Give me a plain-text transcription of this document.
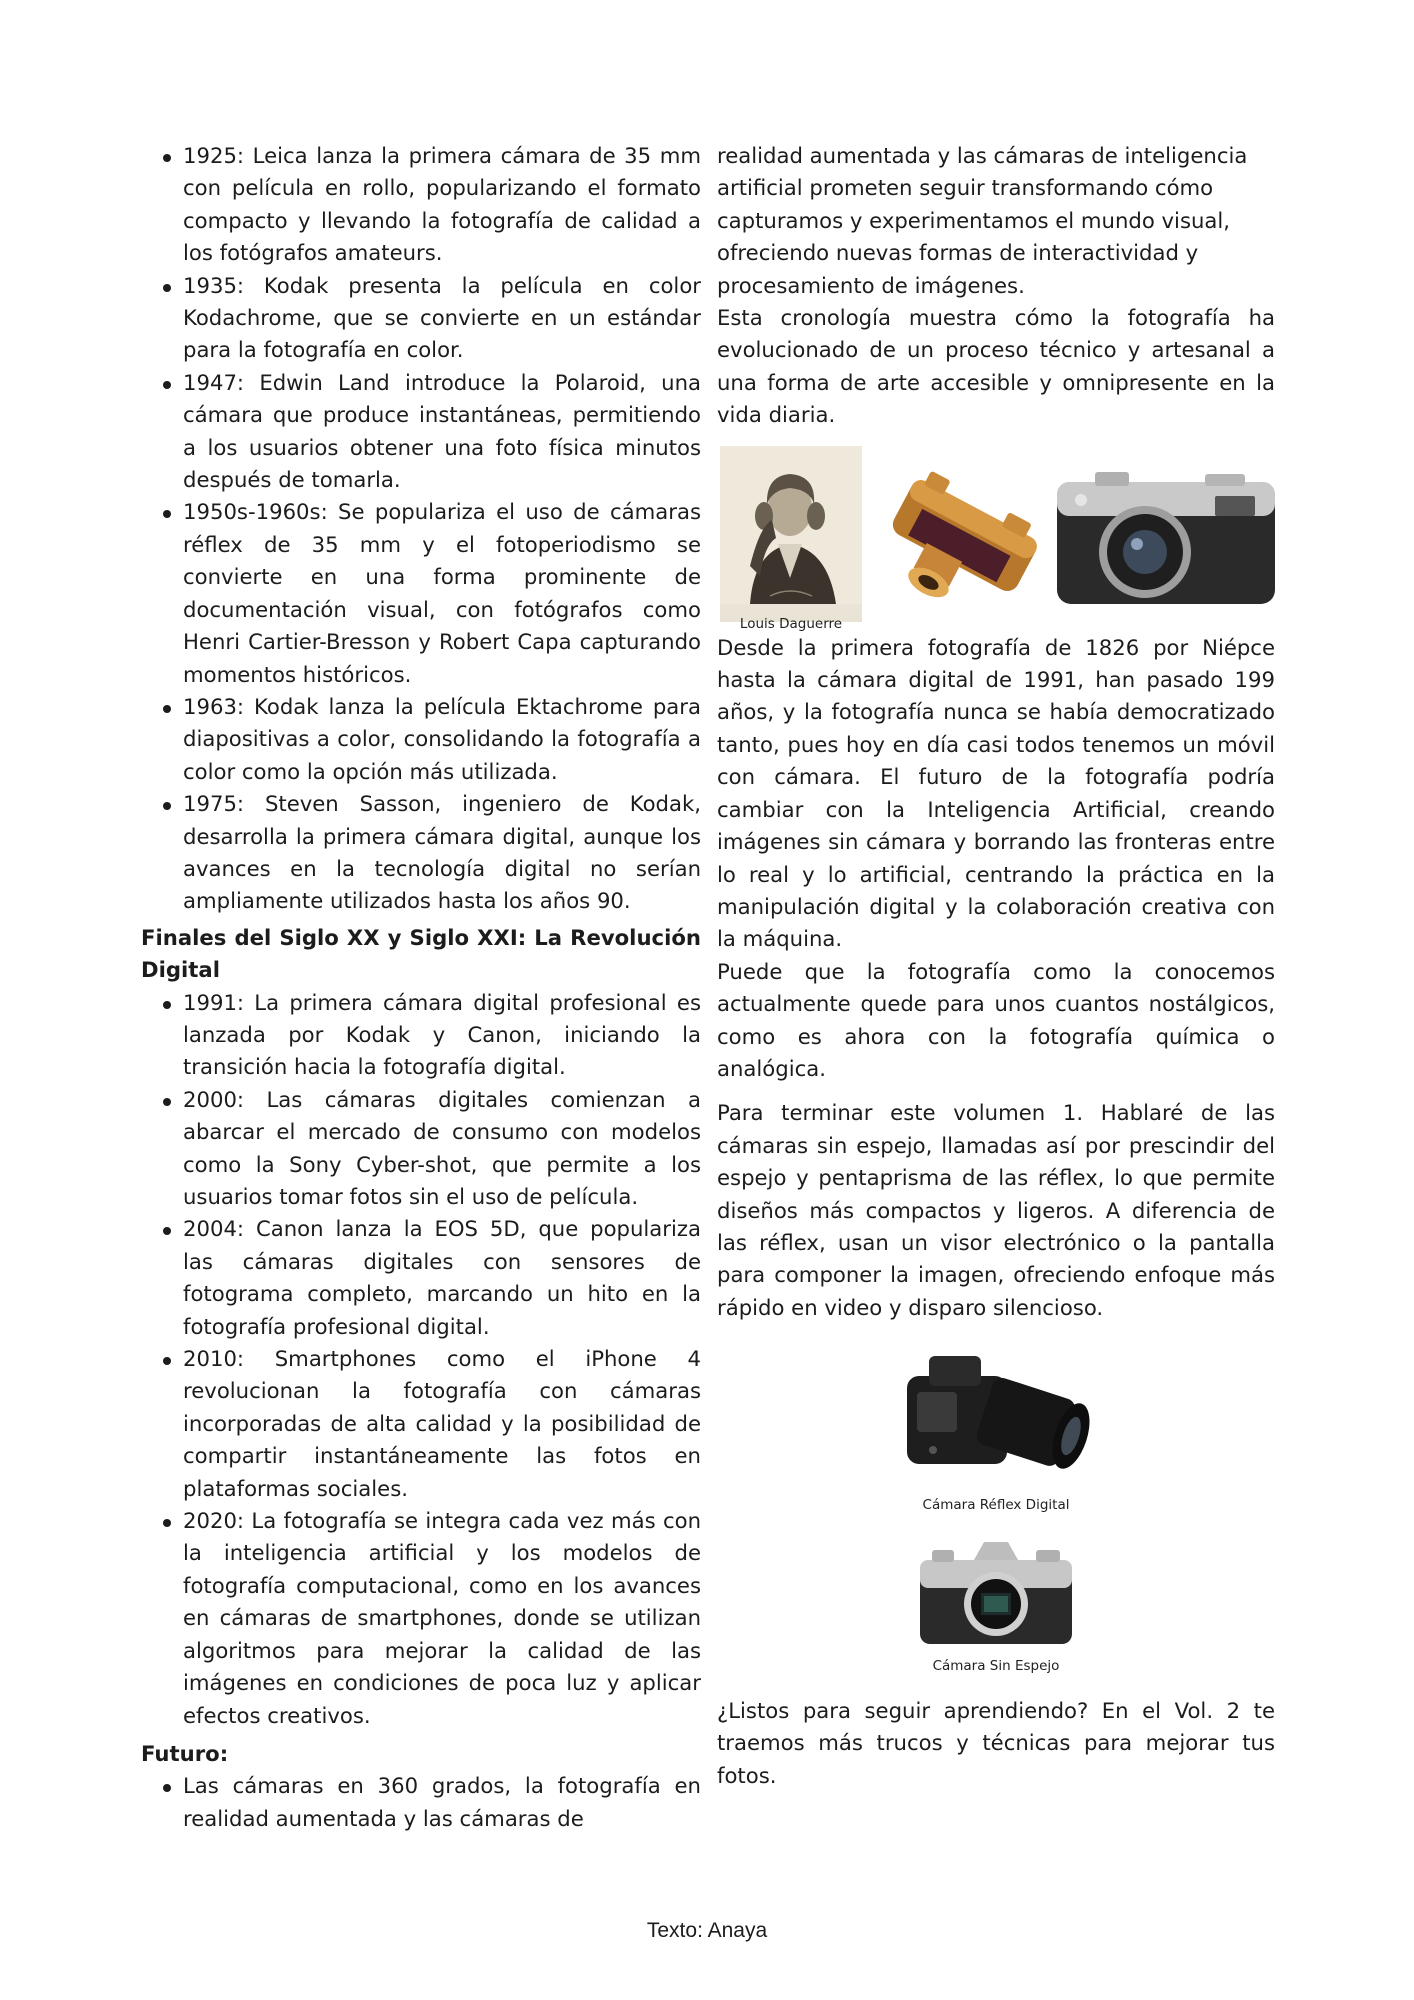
1925: Leica lanza la primera cámara de 35 mm con película en rollo, popularizando el formato compacto y llevando la fotografía de calidad a los fotógrafos amateurs.
1935: Kodak presenta la película en color Kodachrome, que se convierte en un estándar para la fotografía en color.
1947: Edwin Land introduce la Polaroid, una cámara que produce instantáneas, permitiendo a los usuarios obtener una foto física minutos después de tomarla.
1950s-1960s: Se populariza el uso de cámaras réflex de 35 mm y el fotoperiodismo se convierte en una forma prominente de documentación visual, con fotógrafos como Henri Cartier-Bresson y Robert Capa capturando momentos históricos.
1963: Kodak lanza la película Ektachrome para diapositivas a color, consolidando la fotografía a color como la opción más utilizada.
1975: Steven Sasson, ingeniero de Kodak, desarrolla la primera cámara digital, aunque los avances en la tecnología digital no serían ampliamente utilizados hasta los años 90.
Finales del Siglo XX y Siglo XXI: La Revolución Digital
1991: La primera cámara digital profesional es lanzada por Kodak y Canon, iniciando la transición hacia la fotografía digital.
2000: Las cámaras digitales comienzan a abarcar el mercado de consumo con modelos como la Sony Cyber-shot, que permite a los usuarios tomar fotos sin el uso de película.
2004: Canon lanza la EOS 5D, que populariza las cámaras digitales con sensores de fotograma completo, marcando un hito en la fotografía profesional digital.
2010: Smartphones como el iPhone 4 revolucionan la fotografía con cámaras incorporadas de alta calidad y la posibilidad de compartir instantáneamente las fotos en plataformas sociales.
2020: La fotografía se integra cada vez más con la inteligencia artificial y los modelos de fotografía computacional, como en los avances en cámaras de smartphones, donde se utilizan algoritmos para mejorar la calidad de las imágenes en condiciones de poca luz y aplicar efectos creativos.
Futuro:
Las cámaras en 360 grados, la fotografía en realidad aumentada y las cámaras de

realidad aumentada y las cámaras de inteligencia artificial prometen seguir transformando cómo capturamos y experimentamos el mundo visual, ofreciendo nuevas formas de interactividad y procesamiento de imágenes.

Esta cronología muestra cómo la fotografía ha evolucionado de un proceso técnico y artesanal a una forma de arte accesible y omnipresente en la vida diaria.

Louis Daguerre

Desde la primera fotografía de 1826 por Niépce hasta la cámara digital de 1991, han pasado 199 años, y la fotografía nunca se había democratizado tanto, pues hoy en día casi todos tenemos un móvil con cámara. El futuro de la fotografía podría cambiar con la Inteligencia Artificial, creando imágenes sin cámara y borrando las fronteras entre lo real y lo artificial, centrando la práctica en la manipulación digital y la colaboración creativa con la máquina.

Puede que la fotografía como la conocemos actualmente quede para unos cuantos nostálgicos, como es ahora con la fotografía química o analógica.

Para terminar este volumen 1. Hablaré de las cámaras sin espejo, llamadas así por prescindir del espejo y pentaprisma de las réflex, lo que permite diseños más compactos y ligeros. A diferencia de las réflex, usan un visor electrónico o la pantalla para componer la imagen, ofreciendo enfoque más rápido en video y disparo silencioso.

Cámara Réflex Digital
Cámara Sin Espejo

¿Listos para seguir aprendiendo? En el Vol. 2 te traemos más trucos y técnicas para mejorar tus fotos.

Texto: Anaya
